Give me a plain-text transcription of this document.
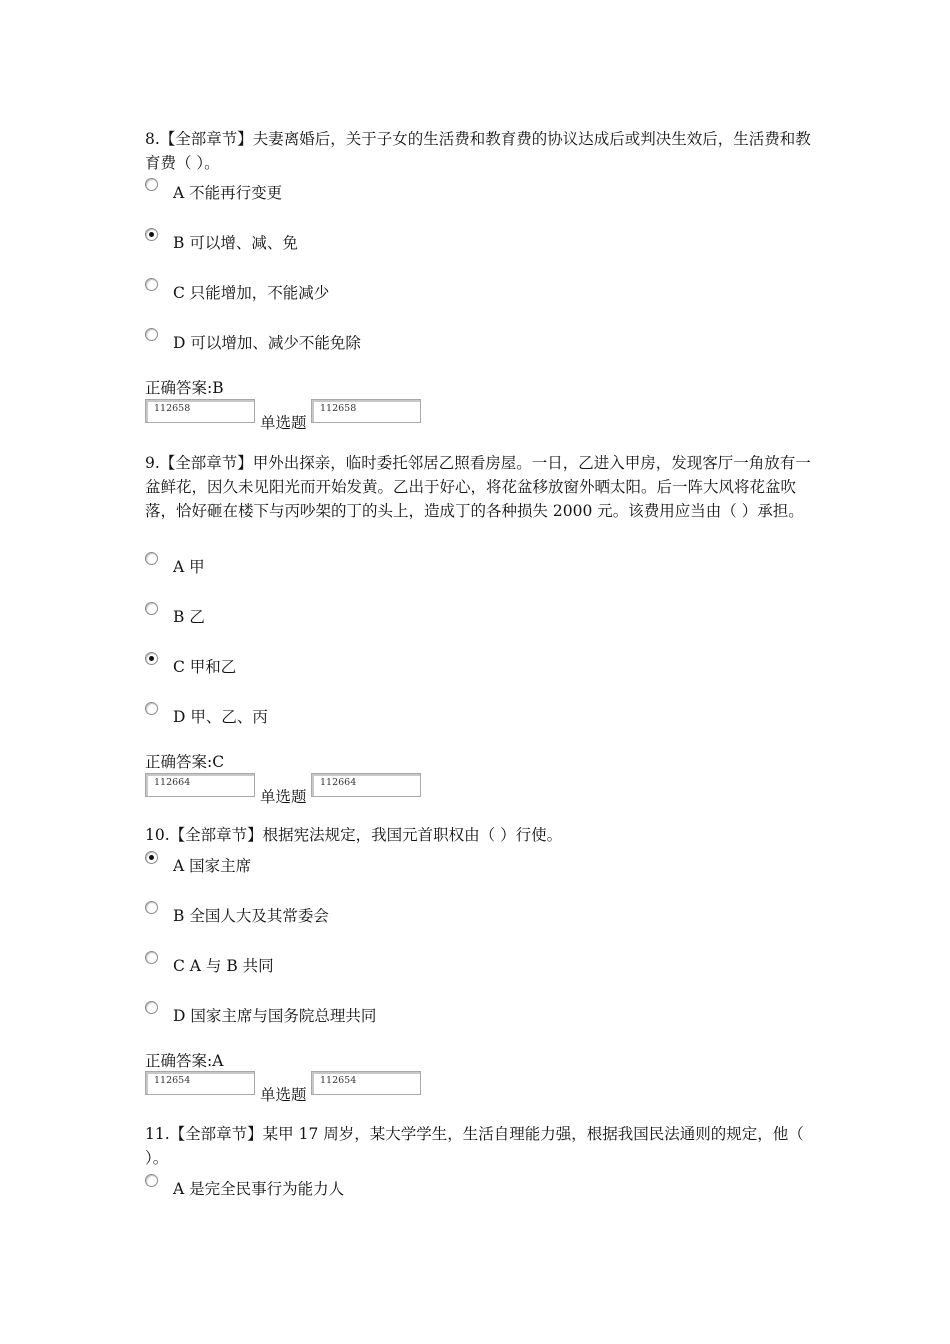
8.【全部章节】夫妻离婚后，关于子女的生活费和教育费的协议达成后或判决生效后，生活费和教育费（ ）。

A 不能再行变更
B 可以增、减、免
C 只能增加，不能减少
D 可以增加、减少不能免除
正确答案:B
112658
单选题
112658

9.【全部章节】甲外出探亲，临时委托邻居乙照看房屋。一日，乙进入甲房，发现客厅一角放有一盆鲜花，因久未见阳光而开始发黄。乙出于好心，将花盆移放窗外晒太阳。后一阵大风将花盆吹落，恰好砸在楼下与丙吵架的丁的头上，造成丁的各种损失 2000 元。该费用应当由（ ）承担。

A 甲
B 乙
C 甲和乙
D 甲、乙、丙
正确答案:C
112664
单选题
112664

10.【全部章节】根据宪法规定，我国元首职权由（ ）行使。

A 国家主席
B 全国人大及其常委会
C A 与 B 共同
D 国家主席与国务院总理共同
正确答案:A
112654
单选题
112654

11.【全部章节】某甲 17 周岁，某大学学生，生活自理能力强，根据我国民法通则的规定，他（ ）。

A 是完全民事行为能力人
